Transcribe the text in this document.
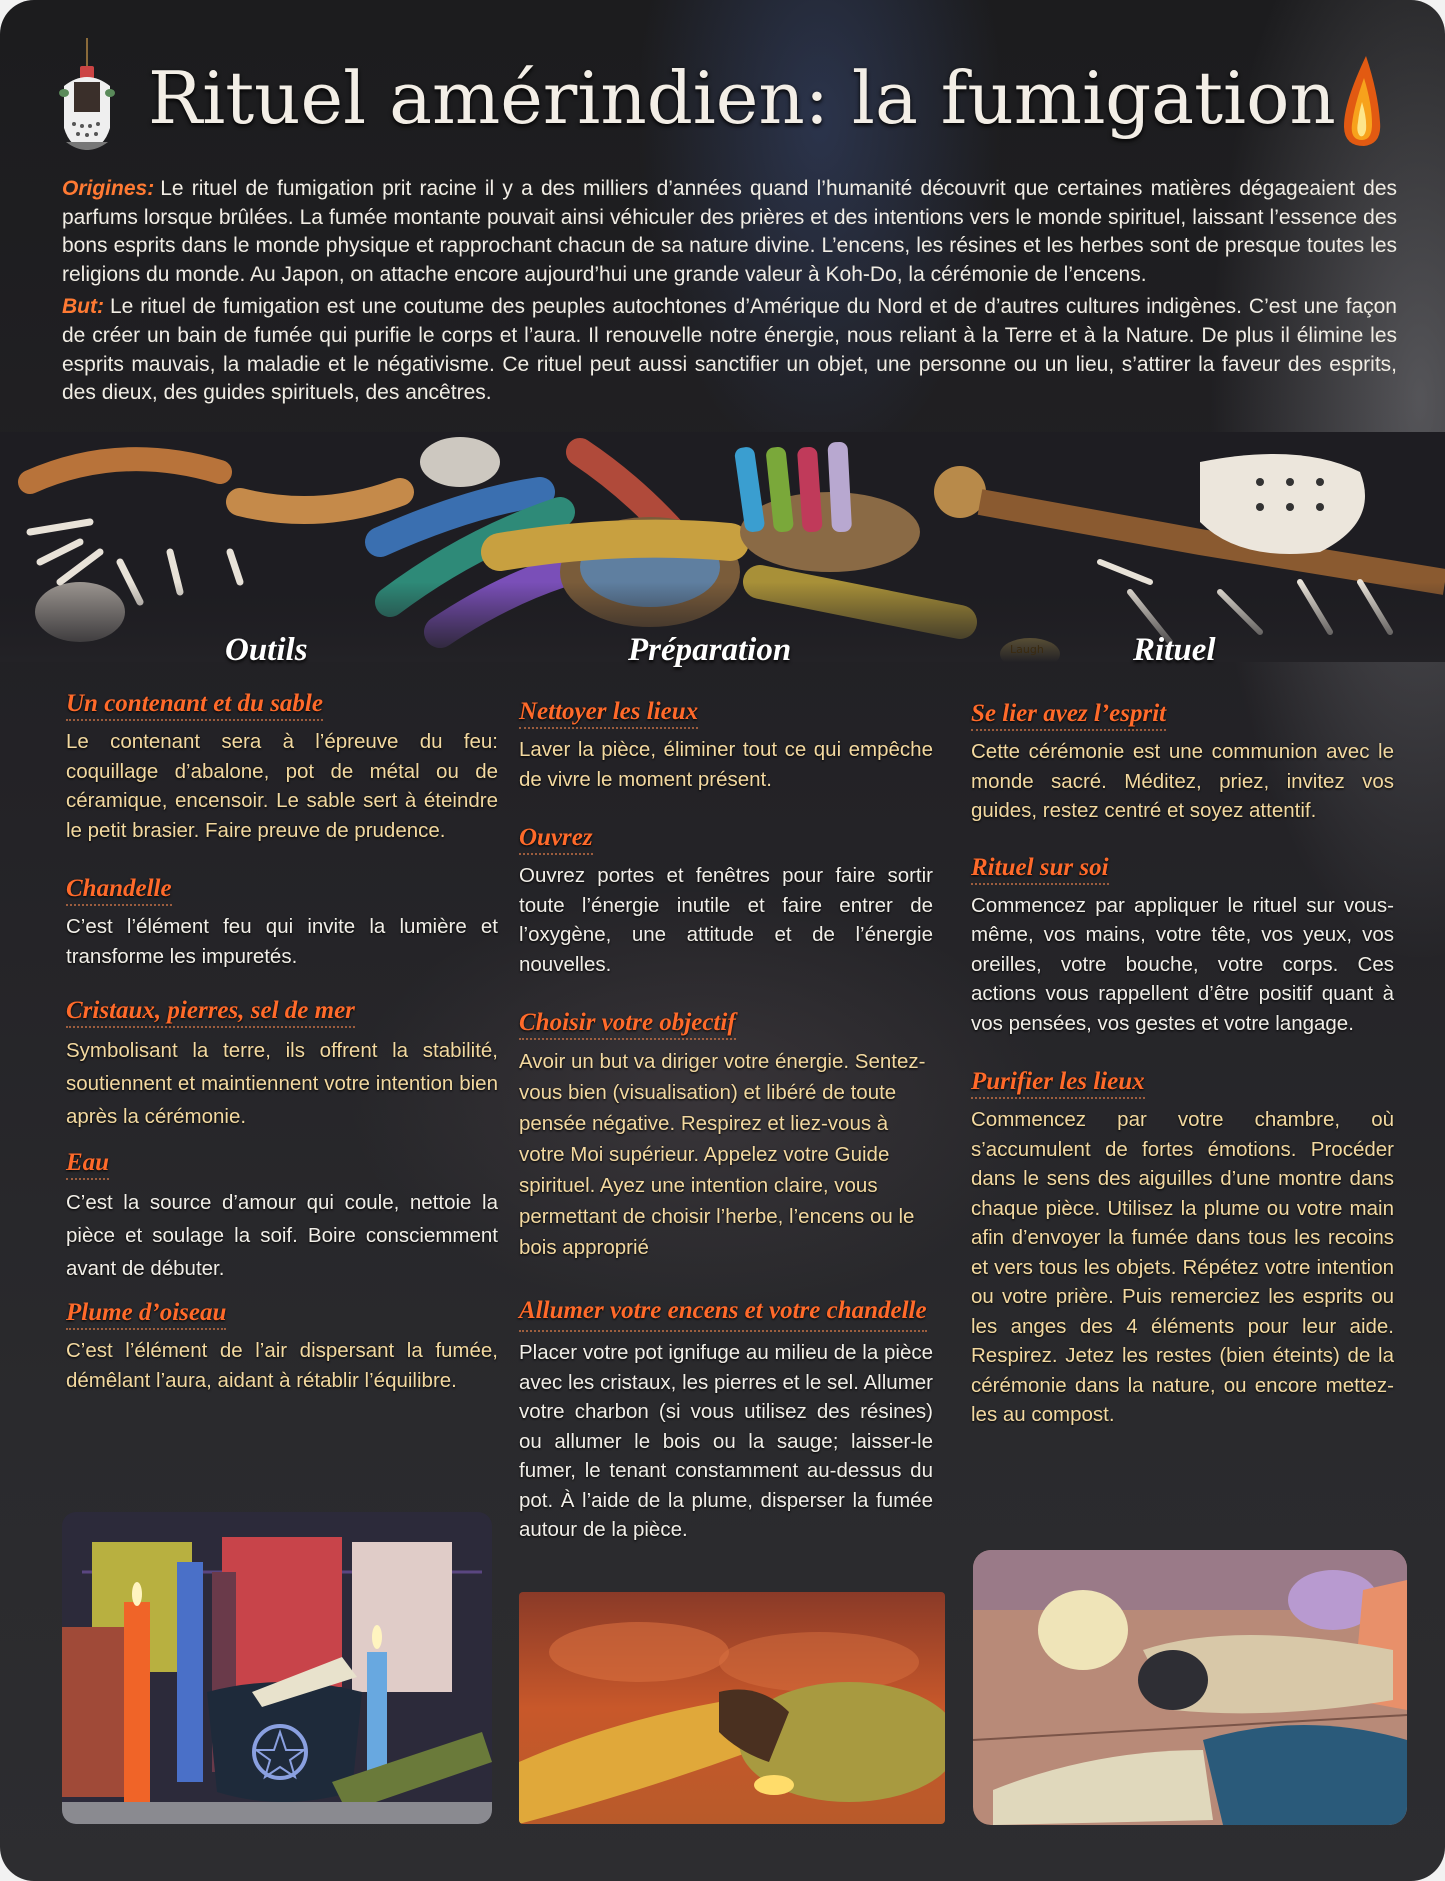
Rituel amérindien: la fumigation

Origines: Le rituel de fumigation prit racine il y a des milliers d’années quand l’humanité découvrit que certaines matières dégageaient des parfums lorsque brûlées. La fumée montante pouvait ainsi véhiculer des prières et des intentions vers le monde spirituel, laissant l’essence des bons esprits dans le monde physique et rapprochant chacun de sa nature divine. L’encens, les résines et les herbes sont de presque toutes les religions du monde. Au Japon, on attache encore aujourd’hui une grande valeur à Koh-Do, la cérémonie de l’encens.

But: Le rituel de fumigation est une coutume des peuples autochtones d’Amérique du Nord et de d’autres cultures indigènes. C’est une façon de créer un bain de fumée qui purifie le corps et l’aura. Il renouvelle notre énergie, nous reliant à la Terre et à la Nature. De plus il élimine les esprits mauvais, la maladie et le négativisme. Ce rituel peut aussi sanctifier un objet, une personne ou un lieu, s’attirer la faveur des esprits, des dieux, des guides spirituels, des ancêtres.

Laugh
Outils	Préparation	Rituel
Un contenant et du sable

Le contenant sera à l’épreuve du feu: coquillage d’abalone, pot de métal ou de céramique, encensoir. Le sable sert à éteindre le petit brasier. Faire preuve de prudence.

Chandelle

C’est l’élément feu qui invite la lumière et transforme les impuretés.

Cristaux, pierres, sel de mer

Symbolisant la terre, ils offrent la stabilité, soutiennent et maintiennent votre intention bien après la cérémonie.

Eau

C’est la source d’amour qui coule, nettoie la pièce et soulage la soif. Boire consciemment avant de débuter.

Plume d’oiseau

C’est l’élément de l’air dispersant la fumée, démêlant l’aura, aidant à rétablir l’équilibre.

Nettoyer les lieux

Laver la pièce, éliminer tout ce qui empêche de vivre le moment présent.

Ouvrez

Ouvrez portes et fenêtres pour faire sortir toute l’énergie inutile et faire entrer de l’oxygène, une attitude et de l’énergie nouvelles.

Choisir votre objectif

Avoir un but va diriger votre énergie. Sentez-vous bien (visualisation) et libéré de toute pensée négative. Respirez et liez-vous à votre Moi supérieur. Appelez votre Guide spirituel. Ayez une intention claire, vous permettant de choisir l’herbe, l’encens ou le bois approprié

Allumer votre encens et votre chandelle

Placer votre pot ignifuge au milieu de la pièce avec les cristaux, les pierres et le sel. Allumer votre charbon (si vous utilisez des résines) ou allumer le bois ou la sauge; laisser-le fumer, le tenant constamment au-dessus du pot. À l’aide de la plume, disperser la fumée autour de la pièce.

Se lier avez l’esprit

Cette cérémonie est une communion avec le monde sacré. Méditez, priez, invitez vos guides, restez centré et soyez attentif.

Rituel sur soi

Commencez par appliquer le rituel sur vous-même, vos mains, votre tête, vos yeux, vos oreilles, votre bouche, votre corps. Ces actions vous rappellent d’être positif quant à vos pensées, vos gestes et votre langage.

Purifier les lieux

Commencez par votre chambre, où s’accumulent de fortes émotions. Procéder dans le sens des aiguilles d’une montre dans chaque pièce. Utilisez la plume ou votre main afin d’envoyer la fumée dans tous les recoins et vers tous les objets. Répétez votre intention ou votre prière. Puis remerciez les esprits ou les anges des 4 éléments pour leur aide. Respirez. Jetez les restes (bien éteints) de la cérémonie dans la nature, ou encore mettez-les au compost.
